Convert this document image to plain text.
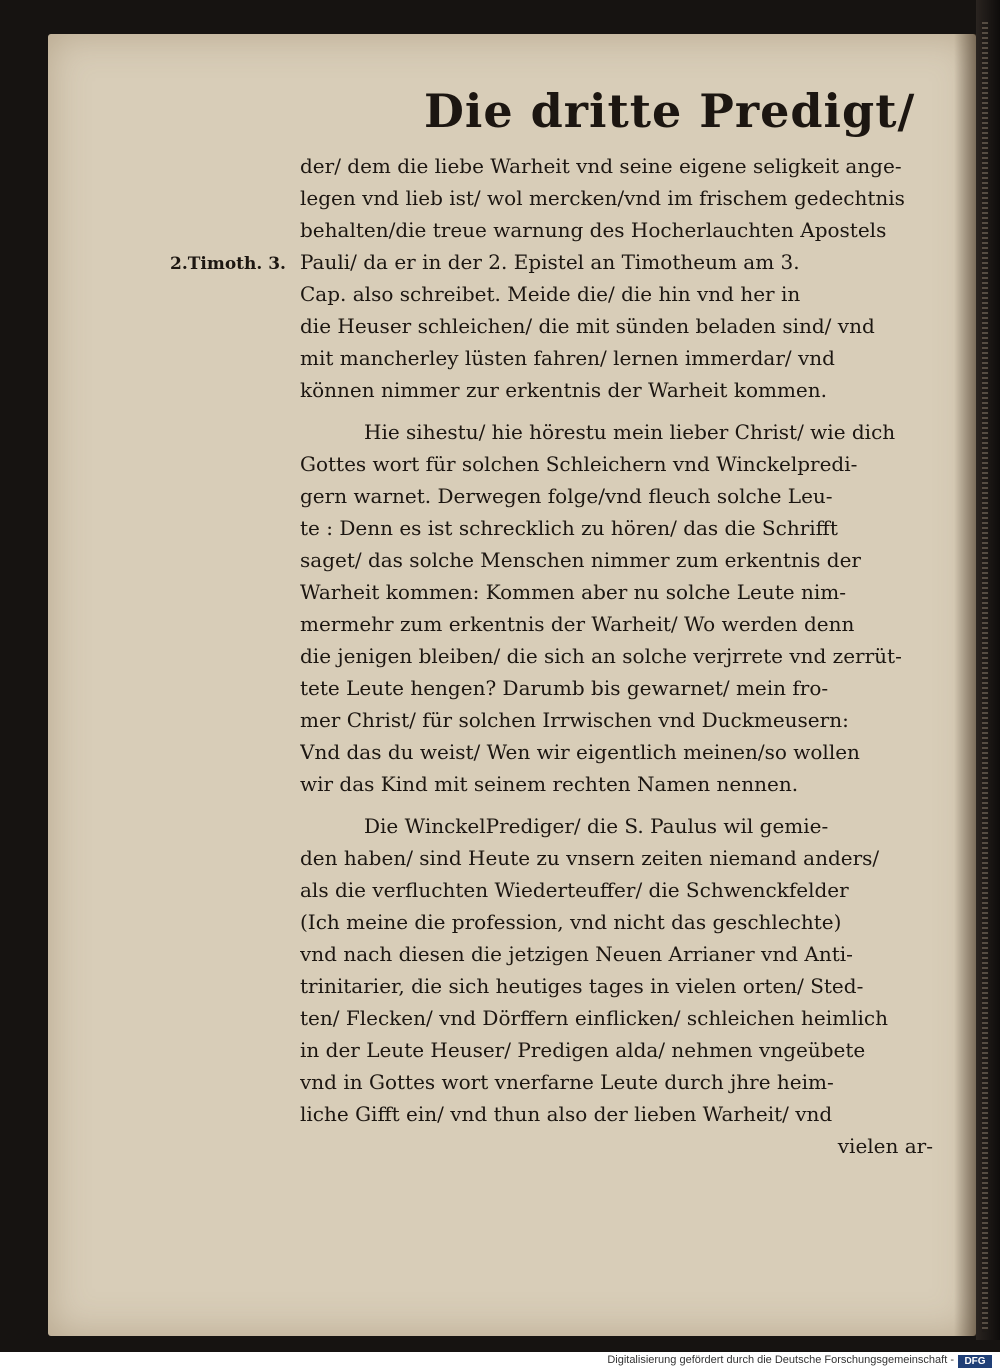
Die dritte Predigt/
2.Timoth. 3.
der/ dem die liebe Warheit vnd seine eigene seligkeit ange-
legen vnd lieb ist/ wol mercken/vnd im frischem gedechtnis
behalten/die treue warnung des Hocherlauchten Apostels
Pauli/ da er in der 2. Epistel an Timotheum am 3.
Cap. also schreibet. Meide die/ die hin vnd her in
die Heuser schleichen/ die mit sünden beladen sind/ vnd
mit mancherley lüsten fahren/ lernen immerdar/ vnd
können nimmer zur erkentnis der Warheit kommen.
Hie sihestu/ hie hörestu mein lieber Christ/ wie dich
Gottes wort für solchen Schleichern vnd Winckelpredi-
gern warnet. Derwegen folge/vnd fleuch solche Leu-
te : Denn es ist schrecklich zu hören/ das die Schrifft
saget/ das solche Menschen nimmer zum erkentnis der
Warheit kommen: Kommen aber nu solche Leute nim-
mermehr zum erkentnis der Warheit/ Wo werden denn
die jenigen bleiben/ die sich an solche verjrrete vnd zerrüt-
tete Leute hengen? Darumb bis gewarnet/ mein fro-
mer Christ/ für solchen Irrwischen vnd Duckmeusern:
Vnd das du weist/ Wen wir eigentlich meinen/so wollen
wir das Kind mit seinem rechten Namen nennen.
Die WinckelPrediger/ die S. Paulus wil gemie-
den haben/ sind Heute zu vnsern zeiten niemand anders/
als die verfluchten Wiederteuffer/ die Schwenckfelder
(Ich meine die profession, vnd nicht das geschlechte)
vnd nach diesen die jetzigen Neuen Arrianer vnd Anti-
trinitarier, die sich heutiges tages in vielen orten/ Sted-
ten/ Flecken/ vnd Dörffern einflicken/ schleichen heimlich
in der Leute Heuser/ Predigen alda/ nehmen vngeübete
vnd in Gottes wort vnerfarne Leute durch jhre heim-
liche Gifft ein/ vnd thun also der lieben Warheit/ vnd
vielen ar-
Digitalisierung gefördert durch die Deutsche Forschungsgemeinschaft -	DFG
